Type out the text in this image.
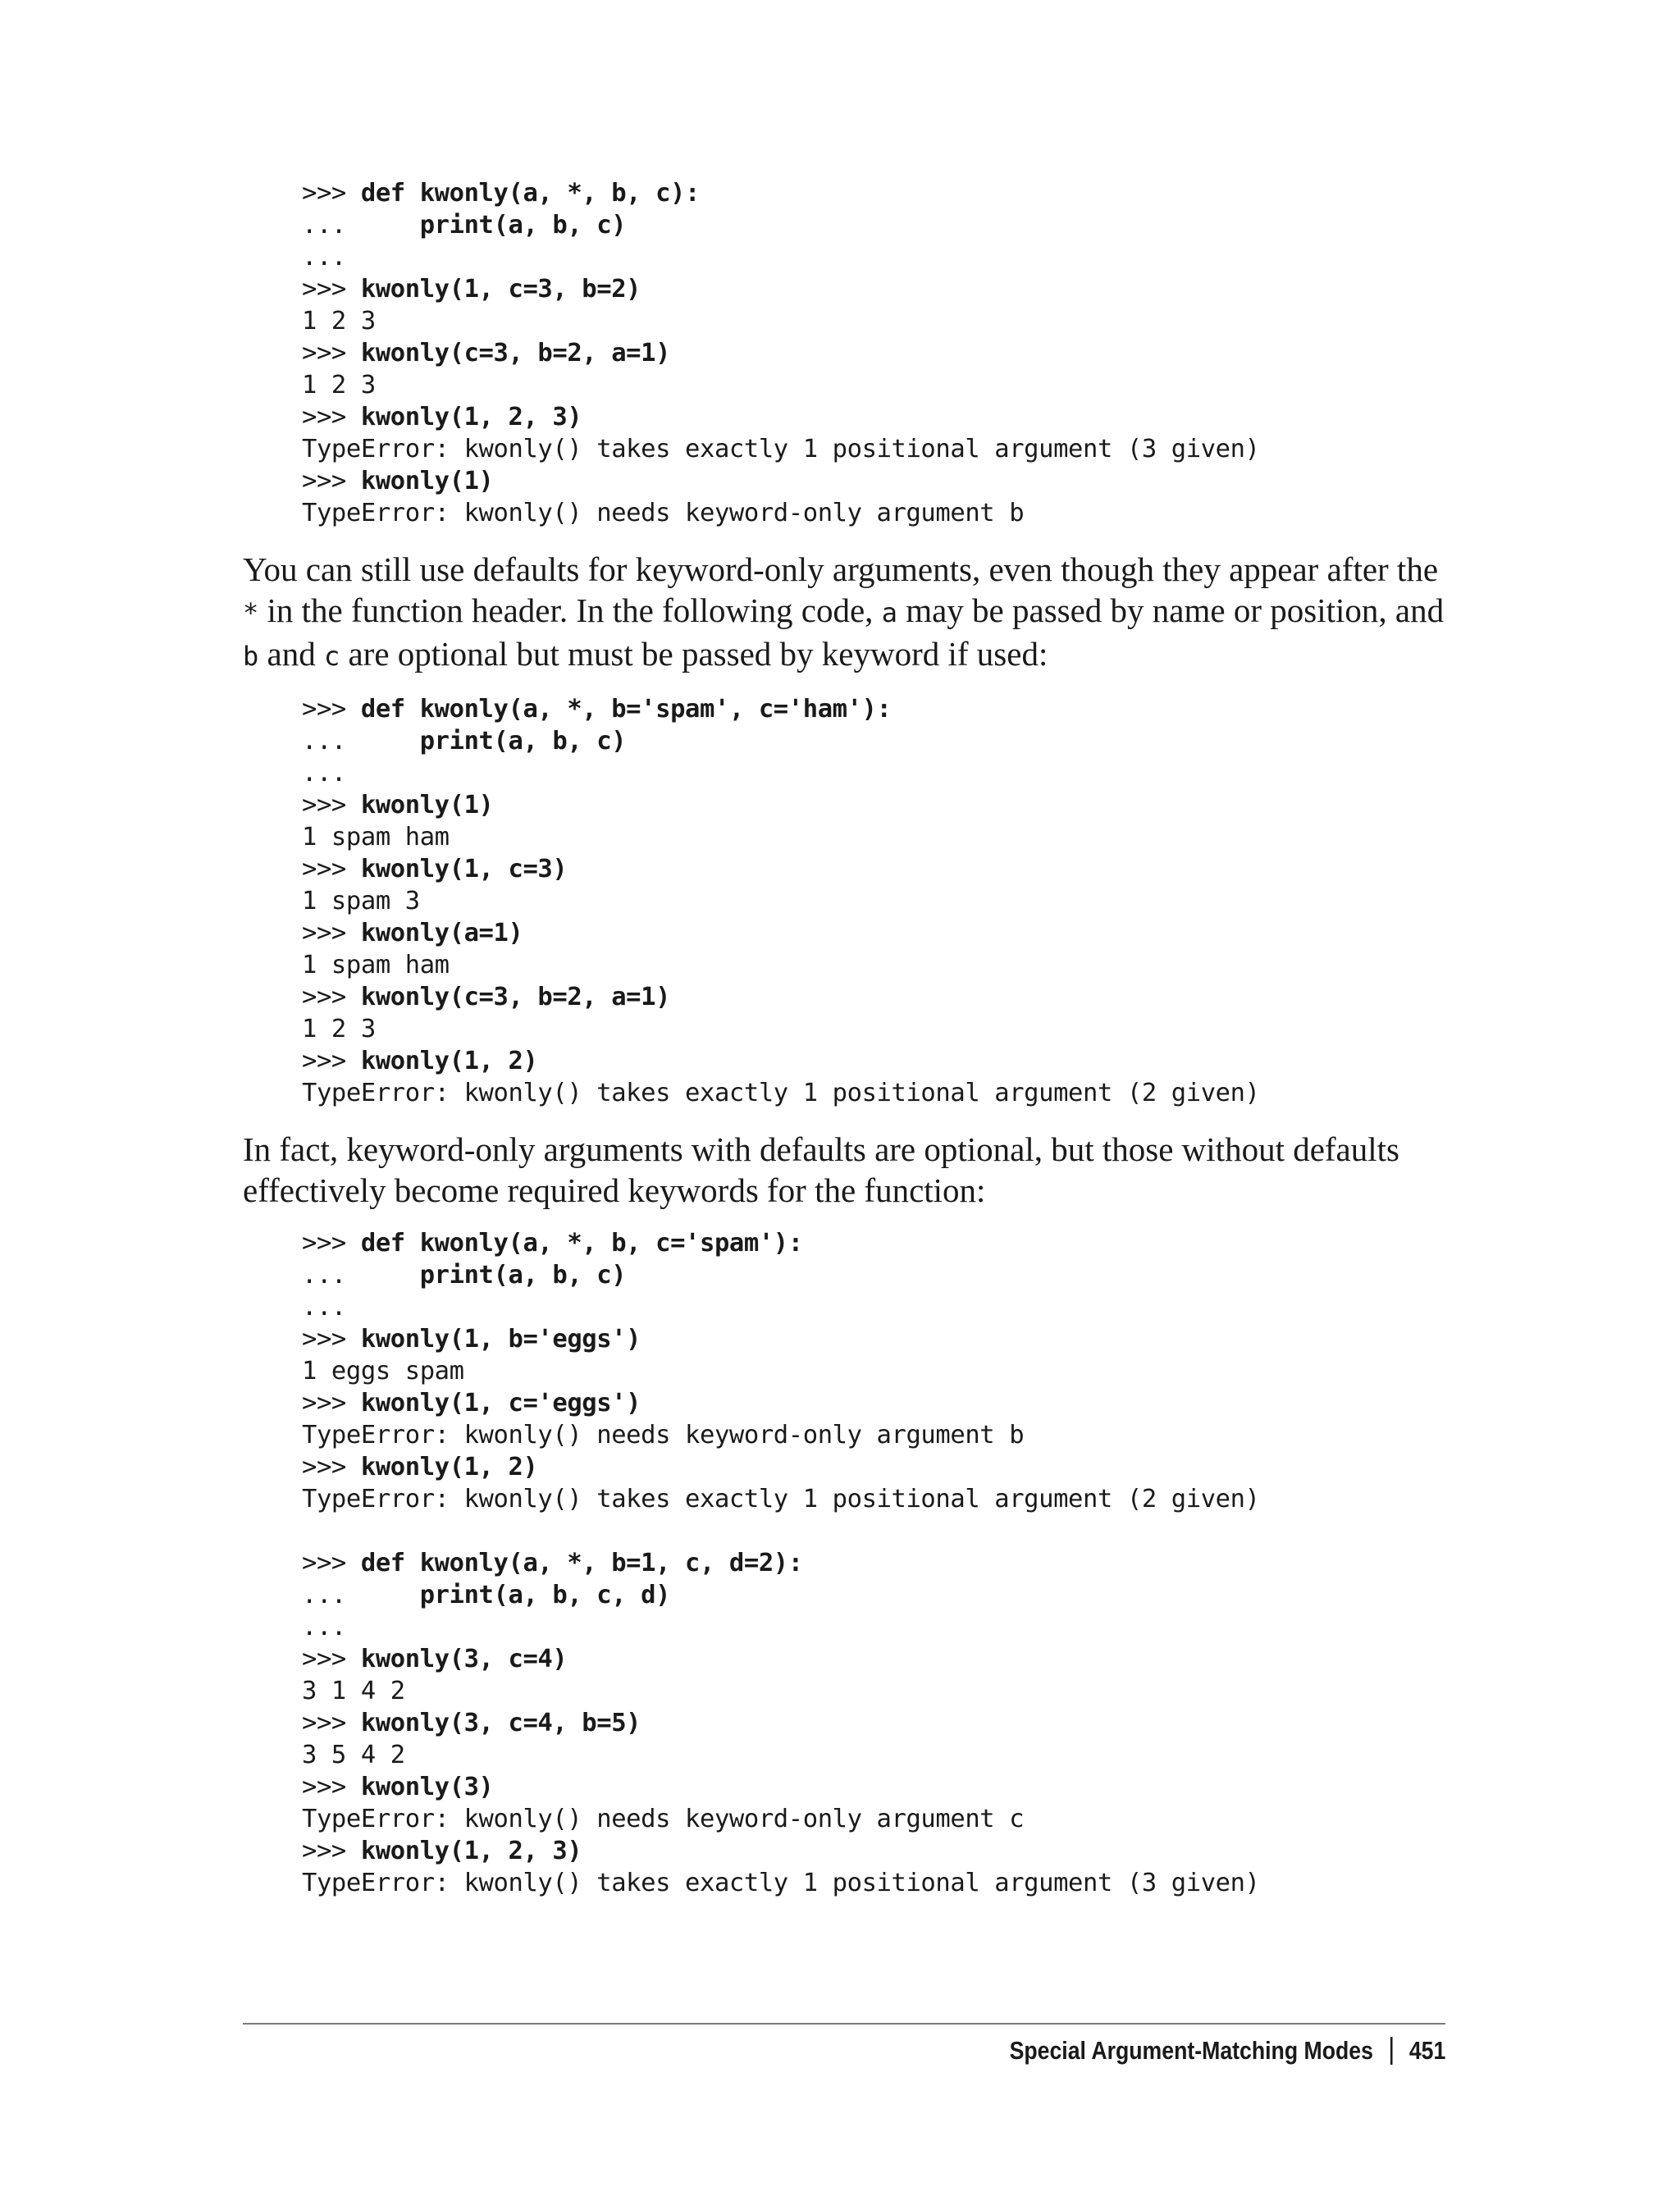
>>> def kwonly(a, *, b, c):
...     print(a, b, c)
...
>>> kwonly(1, c=3, b=2)
1 2 3
>>> kwonly(c=3, b=2, a=1)
1 2 3
>>> kwonly(1, 2, 3)
TypeError: kwonly() takes exactly 1 positional argument (3 given)
>>> kwonly(1)
TypeError: kwonly() needs keyword-only argument b

You can still use defaults for keyword-only arguments, even though they appear after the * in the function header. In the following code, a may be passed by name or position, and b and c are optional but must be passed by keyword if used:

>>> def kwonly(a, *, b='spam', c='ham'):
...     print(a, b, c)
...
>>> kwonly(1)
1 spam ham
>>> kwonly(1, c=3)
1 spam 3
>>> kwonly(a=1)
1 spam ham
>>> kwonly(c=3, b=2, a=1)
1 2 3
>>> kwonly(1, 2)
TypeError: kwonly() takes exactly 1 positional argument (2 given)

In fact, keyword-only arguments with defaults are optional, but those without defaults effectively become required keywords for the function:

>>> def kwonly(a, *, b, c='spam'):
...     print(a, b, c)
...
>>> kwonly(1, b='eggs')
1 eggs spam
>>> kwonly(1, c='eggs')
TypeError: kwonly() needs keyword-only argument b
>>> kwonly(1, 2)
TypeError: kwonly() takes exactly 1 positional argument (2 given)
>>> def kwonly(a, *, b=1, c, d=2):
...     print(a, b, c, d)
...
>>> kwonly(3, c=4)
3 1 4 2
>>> kwonly(3, c=4, b=5)
3 5 4 2
>>> kwonly(3)
TypeError: kwonly() needs keyword-only argument c
>>> kwonly(1, 2, 3)
TypeError: kwonly() takes exactly 1 positional argument (3 given)
Special Argument-Matching Modes 451
